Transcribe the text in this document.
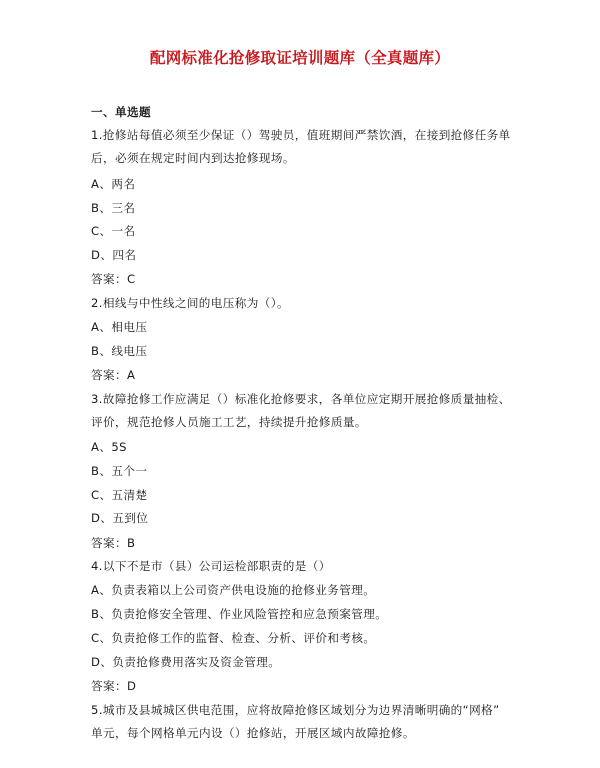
配网标准化抢修取证培训题库（全真题库）
一、单选题
1.抢修站每值必须至少保证（）驾驶员，值班期间严禁饮酒，在接到抢修任务单
后，必须在规定时间内到达抢修现场。
A、两名
B、三名
C、一名
D、四名
答案：C
2.相线与中性线之间的电压称为（）。
A、相电压
B、线电压
答案：A
3.故障抢修工作应满足（）标准化抢修要求，各单位应定期开展抢修质量抽检、
评价，规范抢修人员施工工艺，持续提升抢修质量。
A、5S
B、五个一
C、五清楚
D、五到位
答案：B
4.以下不是市（县）公司运检部职责的是（）
A、负责表箱以上公司资产供电设施的抢修业务管理。
B、负责抢修安全管理、作业风险管控和应急预案管理。
C、负责抢修工作的监督、检查、分析、评价和考核。
D、负责抢修费用落实及资金管理。
答案：D
5.城市及县城城区供电范围，应将故障抢修区域划分为边界清晰明确的“网格”
单元，每个网格单元内设（）抢修站，开展区域内故障抢修。
